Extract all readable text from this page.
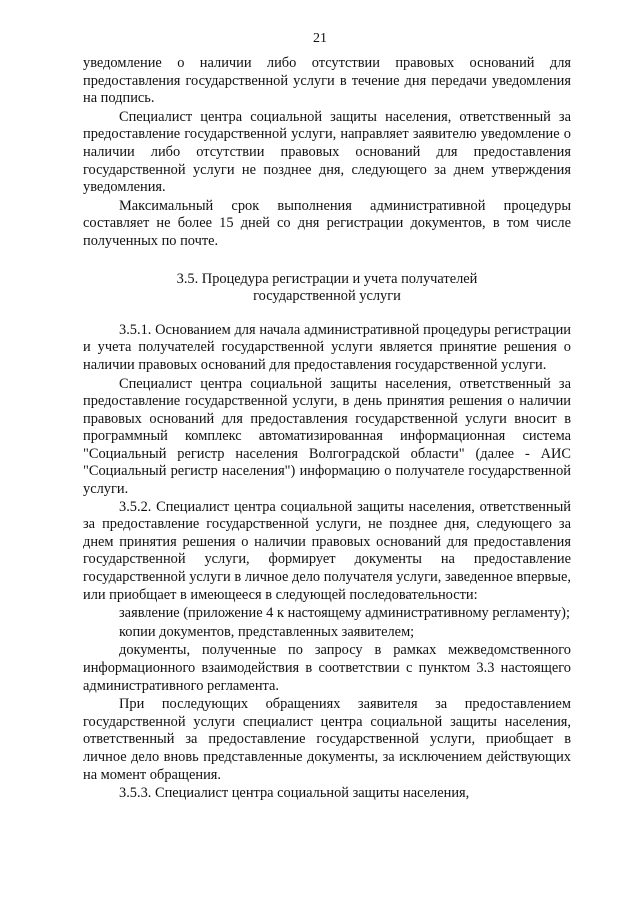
21

уведомление о наличии либо отсутствии правовых оснований для предоставления государственной услуги в течение дня передачи уведомления на подпись.

Специалист центра социальной защиты населения, ответственный за предоставление государственной услуги, направляет заявителю уведомление о наличии либо отсутствии правовых оснований для предоставления государственной услуги не позднее дня, следующего за днем утверждения уведомления.

Максимальный срок выполнения административной процедуры составляет не более 15 дней со дня регистрации документов, в том числе полученных по почте.

3.5. Процедура регистрации и учета получателей
государственной услуги

3.5.1. Основанием для начала административной процедуры регистрации и учета получателей государственной услуги является принятие решения о наличии правовых оснований для предоставления государственной услуги.

Специалист центра социальной защиты населения, ответственный за предоставление государственной услуги, в день принятия решения о наличии правовых оснований для предоставления государственной услуги вносит в программный комплекс автоматизированная информационная система "Социальный регистр населения Волгоградской области" (далее - АИС "Социальный регистр населения") информацию о получателе государственной услуги.

3.5.2. Специалист центра социальной защиты населения, ответственный за предоставление государственной услуги, не позднее дня, следующего за днем принятия решения о наличии правовых оснований для предоставления государственной услуги, формирует документы на предоставление государственной услуги в личное дело получателя услуги, заведенное впервые, или приобщает в имеющееся в следующей последовательности:

заявление (приложение 4 к настоящему административному регламенту);

копии документов, представленных заявителем;

документы, полученные по запросу в рамках межведомственного информационного взаимодействия в соответствии с пунктом 3.3 настоящего административного регламента.

При последующих обращениях заявителя за предоставлением государственной услуги специалист центра социальной защиты населения, ответственный за предоставление государственной услуги, приобщает в личное дело вновь представленные документы, за исключением действующих на момент обращения.

3.5.3. Специалист центра социальной защиты населения,
